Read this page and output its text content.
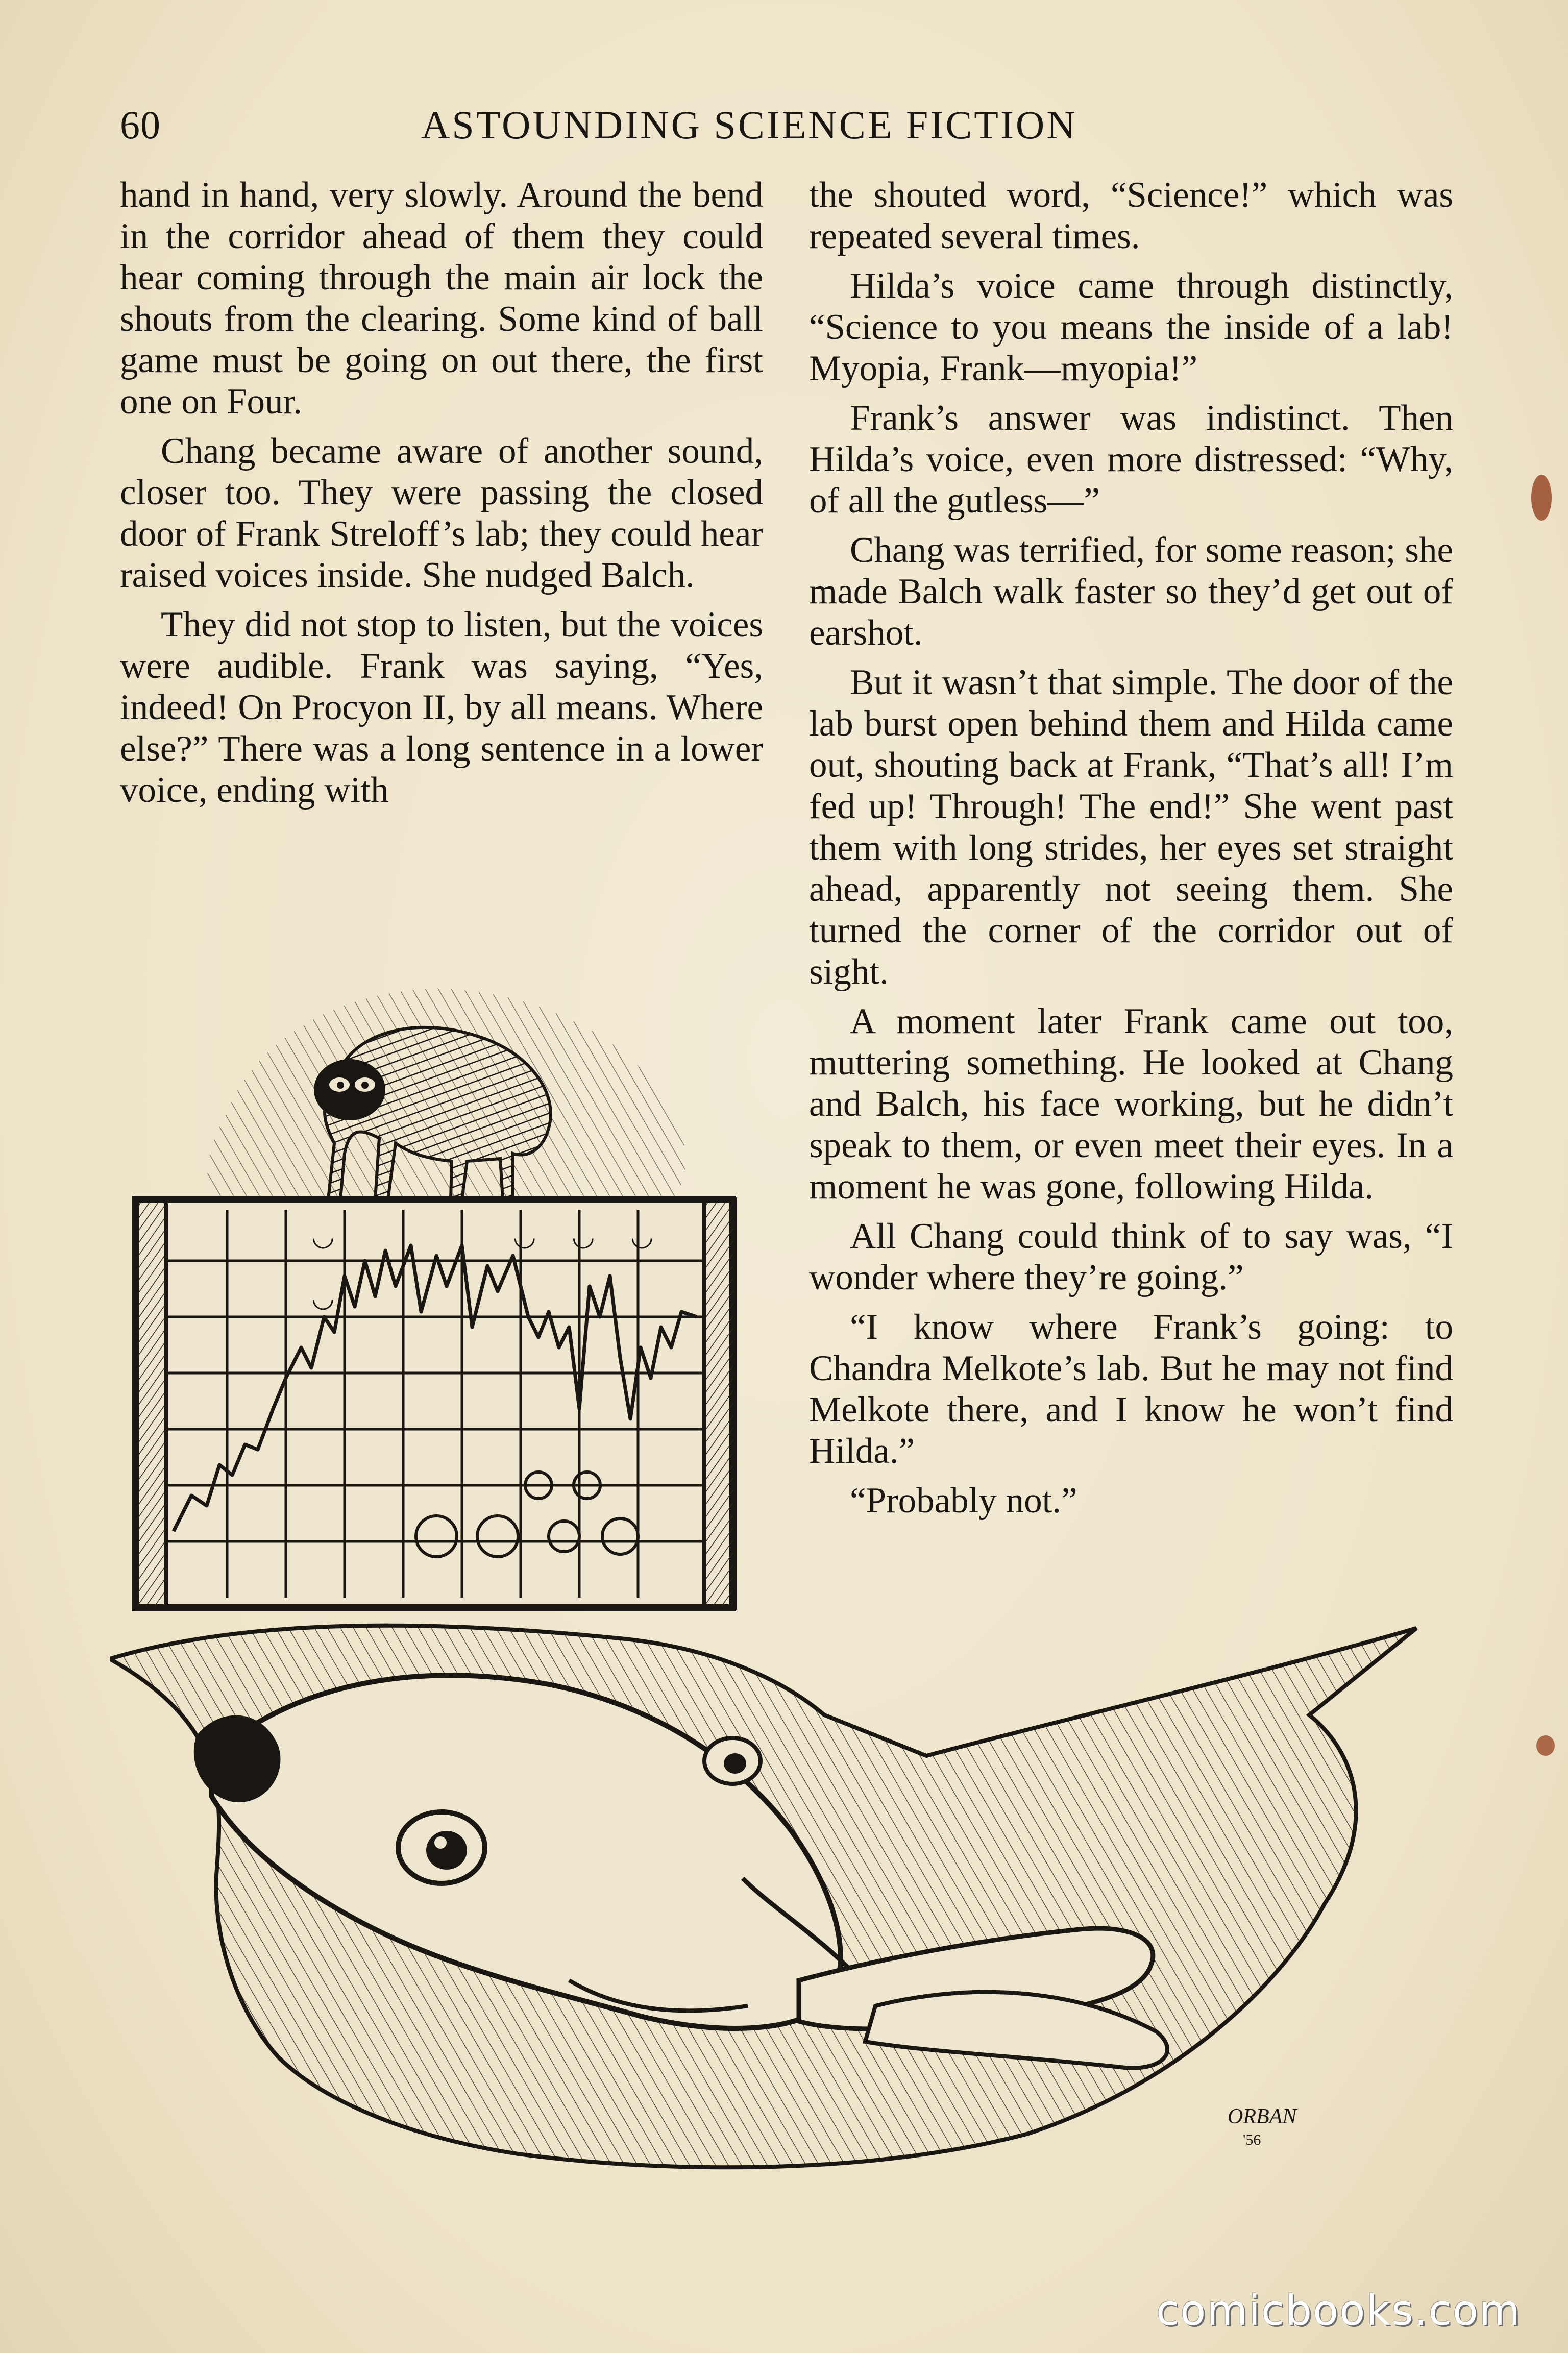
60	ASTOUNDING SCIENCE FICTION

hand in hand, very slowly. Around the bend in the corridor ahead of them they could hear coming through the main air lock the shouts from the clearing. Some kind of ball game must be going on out there, the first one on Four.

Chang became aware of another sound, closer too. They were passing the closed door of Frank Streloff’s lab; they could hear raised voices inside. She nudged Balch.

They did not stop to listen, but the voices were audible. Frank was saying, “Yes, indeed! On Procyon II, by all means. Where else?” There was a long sentence in a lower voice, ending with

the shouted word, “Science!” which was repeated several times.

Hilda’s voice came through distinctly, “Science to you means the inside of a lab! Myopia, Frank—myopia!”

Frank’s answer was indistinct. Then Hilda’s voice, even more distressed: “Why, of all the gutless—”

Chang was terrified, for some reason; she made Balch walk faster so they’d get out of earshot.

But it wasn’t that simple. The door of the lab burst open behind them and Hilda came out, shouting back at Frank, “That’s all! I’m fed up! Through! The end!” She went past them with long strides, her eyes set straight ahead, apparently not seeing them. She turned the corner of the corridor out of sight.

A moment later Frank came out too, muttering something. He looked at Chang and Balch, his face working, but he didn’t speak to them, or even meet their eyes. In a moment he was gone, following Hilda.

All Chang could think of to say was, “I wonder where they’re going.”

“I know where Frank’s going: to Chandra Melkote’s lab. But he may not find Melkote there, and I know he won’t find Hilda.”

“Probably not.”

◡
◡
◡ ◡ ◡
ORBAN
'56
comicbooks.com
